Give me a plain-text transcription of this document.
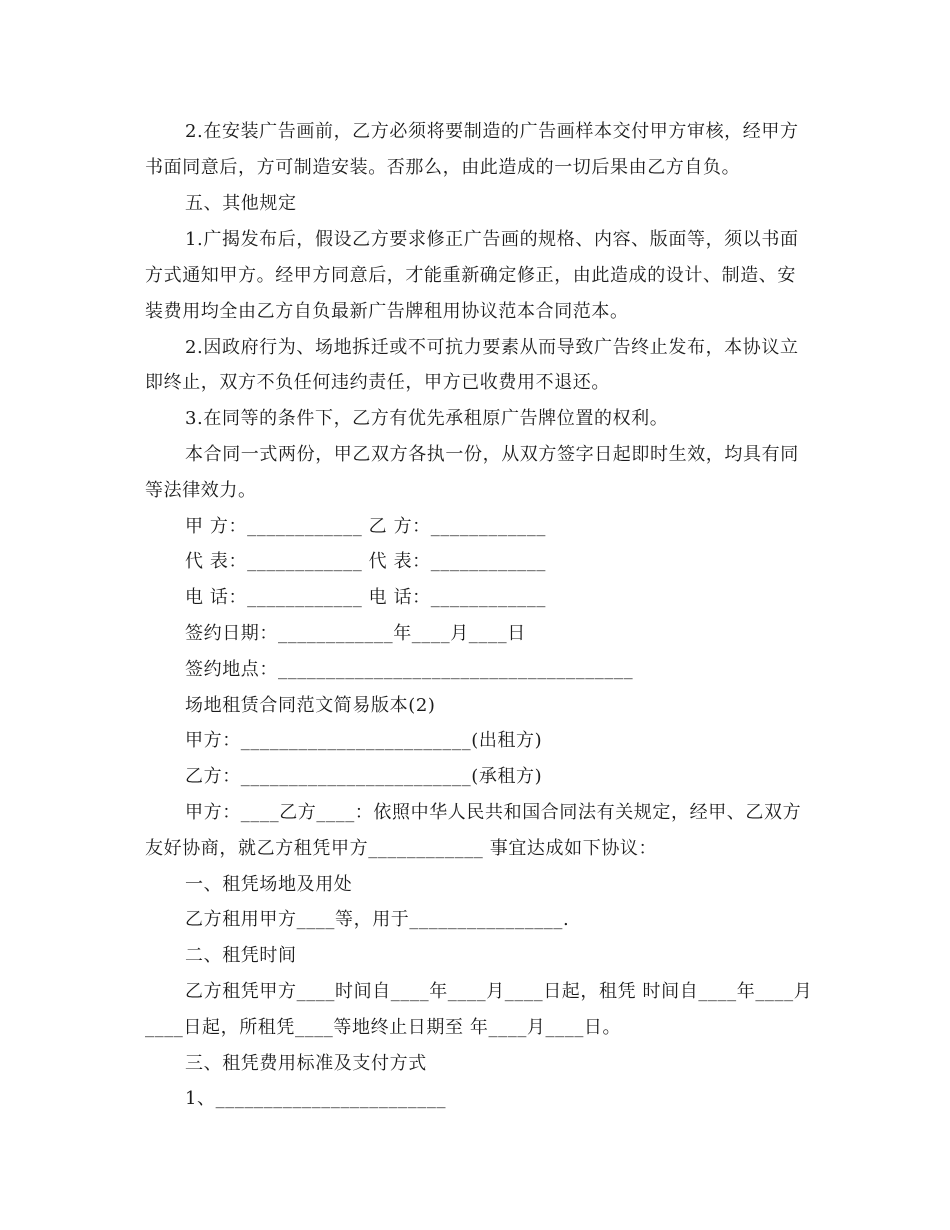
2.在安装广告画前，乙方必须将要制造的广告画样本交付甲方审核，经甲方
书面同意后，方可制造安装。否那么，由此造成的一切后果由乙方自负。
五、其他规定
1.广揭发布后，假设乙方要求修正广告画的规格、内容、版面等，须以书面
方式通知甲方。经甲方同意后，才能重新确定修正，由此造成的设计、制造、安
装费用均全由乙方自负最新广告牌租用协议范本合同范本。
2.因政府行为、场地拆迁或不可抗力要素从而导致广告终止发布，本协议立
即终止，双方不负任何违约责任，甲方已收费用不退还。
3.在同等的条件下，乙方有优先承租原广告牌位置的权利。
本合同一式两份，甲乙双方各执一份，从双方签字日起即时生效，均具有同
等法律效力。
甲 方：____________ 乙 方：____________
代 表：____________ 代 表：____________
电 话：____________ 电 话：____________
签约日期：____________年____月____日
签约地点：_____________________________________
场地租赁合同范文简易版本(2)
甲方：________________________(出租方)
乙方：________________________(承租方)
甲方：____乙方____：依照中华人民共和国合同法有关规定，经甲、乙双方
友好协商，就乙方租凭甲方____________ 事宜达成如下协议：
一、租凭场地及用处
乙方租用甲方____等，用于________________.
二、租凭时间
乙方租凭甲方____时间自____年____月____日起，租凭 时间自____年____月
____日起，所租凭____等地终止日期至 年____月____日。
三、租凭费用标准及支付方式
1、________________________
